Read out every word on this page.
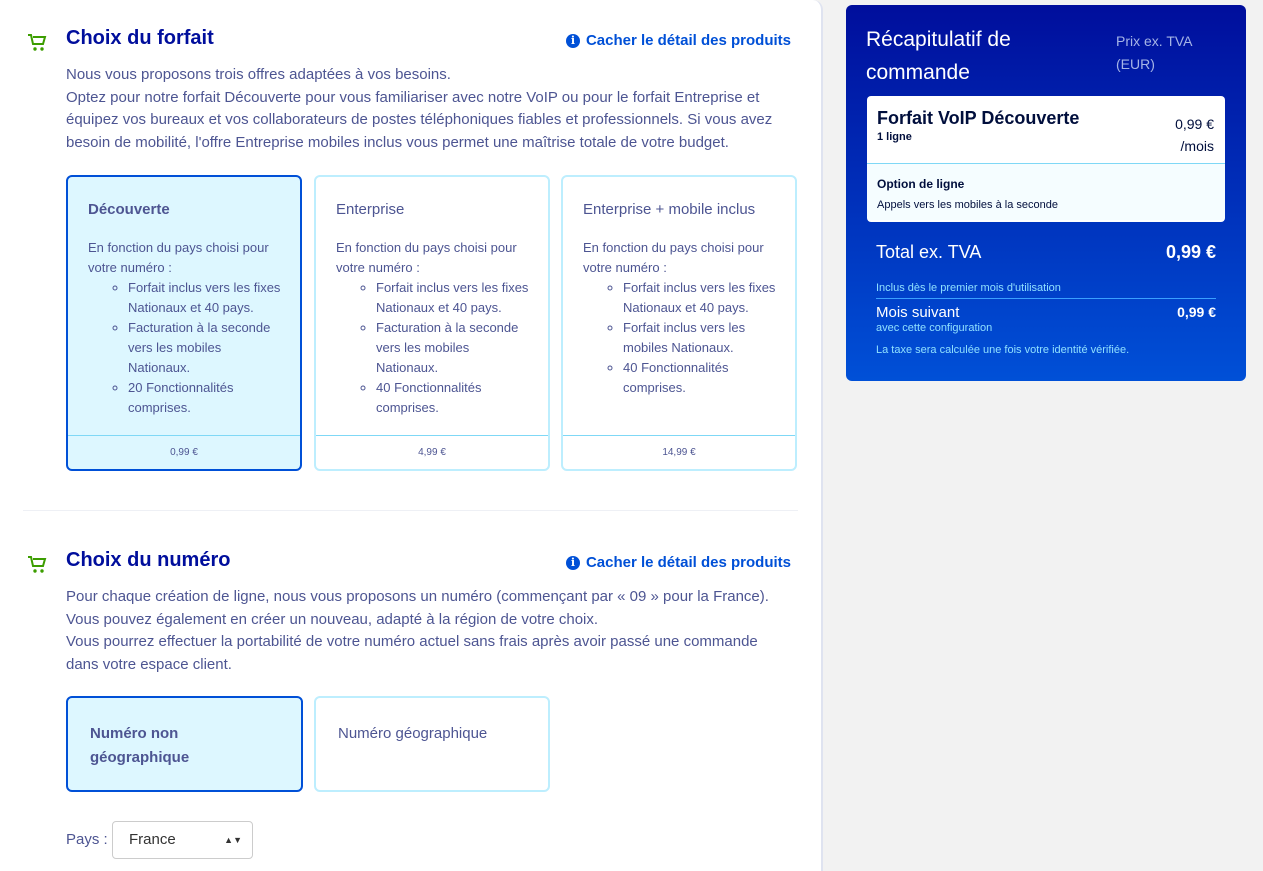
Choix du forfait	i Cacher le détail des produits
Nous vous proposons trois offres adaptées à vos besoins.
Optez pour notre forfait Découverte pour vous familiariser avec notre VoIP ou pour le forfait Entreprise et équipez vos bureaux et vos collaborateurs de postes téléphoniques fiables et professionnels. Si vous avez besoin de mobilité, l'offre Entreprise mobiles inclus vous permet une maîtrise totale de votre budget.
Découverte
En fonction du pays choisi pour votre numéro :
◦ Forfait inclus vers les fixes Nationaux et 40 pays.
◦ Facturation à la seconde vers les mobiles Nationaux.
◦ 20 Fonctionnalités comprises.
0,99 €
Enterprise
En fonction du pays choisi pour votre numéro :
◦ Forfait inclus vers les fixes Nationaux et 40 pays.
◦ Facturation à la seconde vers les mobiles Nationaux.
◦ 40 Fonctionnalités comprises.
4,99 €
Enterprise + mobile inclus
En fonction du pays choisi pour votre numéro :
◦ Forfait inclus vers les fixes Nationaux et 40 pays.
◦ Forfait inclus vers les mobiles Nationaux.
◦ 40 Fonctionnalités comprises.
14,99 €
Choix du numéro	i Cacher le détail des produits
Pour chaque création de ligne, nous vous proposons un numéro (commençant par « 09 » pour la France).
Vous pouvez également en créer un nouveau, adapté à la région de votre choix.
Vous pourrez effectuer la portabilité de votre numéro actuel sans frais après avoir passé une commande dans votre espace client.
Numéro non géographique
Numéro géographique
Pays :	France	▲▼
Récapitulatif de commande
Prix ex. TVA (EUR)
Forfait VoIP Découverte
1 ligne
0,99 €
/mois
Option de ligne
Appels vers les mobiles à la seconde
Total ex. TVA	0,99 €
Inclus dès le premier mois d'utilisation
Mois suivant	0,99 €
avec cette configuration
La taxe sera calculée une fois votre identité vérifiée.
